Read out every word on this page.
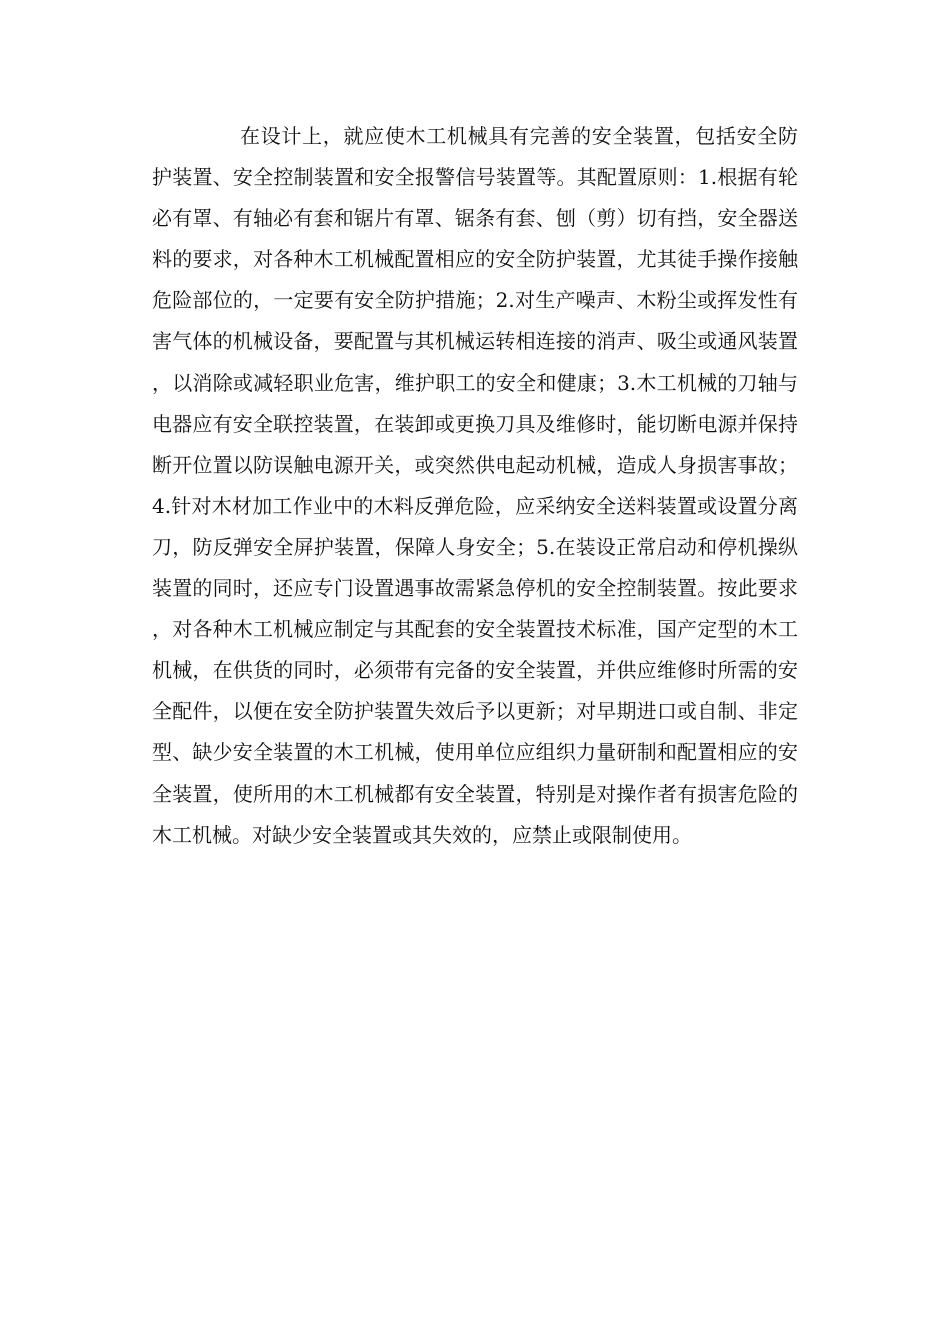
在设计上，就应使木工机械具有完善的安全装置，包括安全防护装置、安全控制装置和安全报警信号装置等。其配置原则：1.根据有轮必有罩、有轴必有套和锯片有罩、锯条有套、刨（剪）切有挡，安全器送料的要求，对各种木工机械配置相应的安全防护装置，尤其徒手操作接触危险部位的，一定要有安全防护措施；2.对生产噪声、木粉尘或挥发性有害气体的机械设备，要配置与其机械运转相连接的消声、吸尘或通风装置，以消除或减轻职业危害，维护职工的安全和健康；3.木工机械的刀轴与电器应有安全联控装置，在装卸或更换刀具及维修时，能切断电源并保持断开位置以防误触电源开关，或突然供电起动机械，造成人身损害事故；4.针对木材加工作业中的木料反弹危险，应采纳安全送料装置或设置分离刀，防反弹安全屏护装置，保障人身安全；5.在装设正常启动和停机操纵装置的同时，还应专门设置遇事故需紧急停机的安全控制装置。按此要求，对各种木工机械应制定与其配套的安全装置技术标准，国产定型的木工机械，在供货的同时，必须带有完备的安全装置，并供应维修时所需的安全配件，以便在安全防护装置失效后予以更新；对早期进口或自制、非定型、缺少安全装置的木工机械，使用单位应组织力量研制和配置相应的安全装置，使所用的木工机械都有安全装置，特别是对操作者有损害危险的木工机械。对缺少安全装置或其失效的，应禁止或限制使用。
